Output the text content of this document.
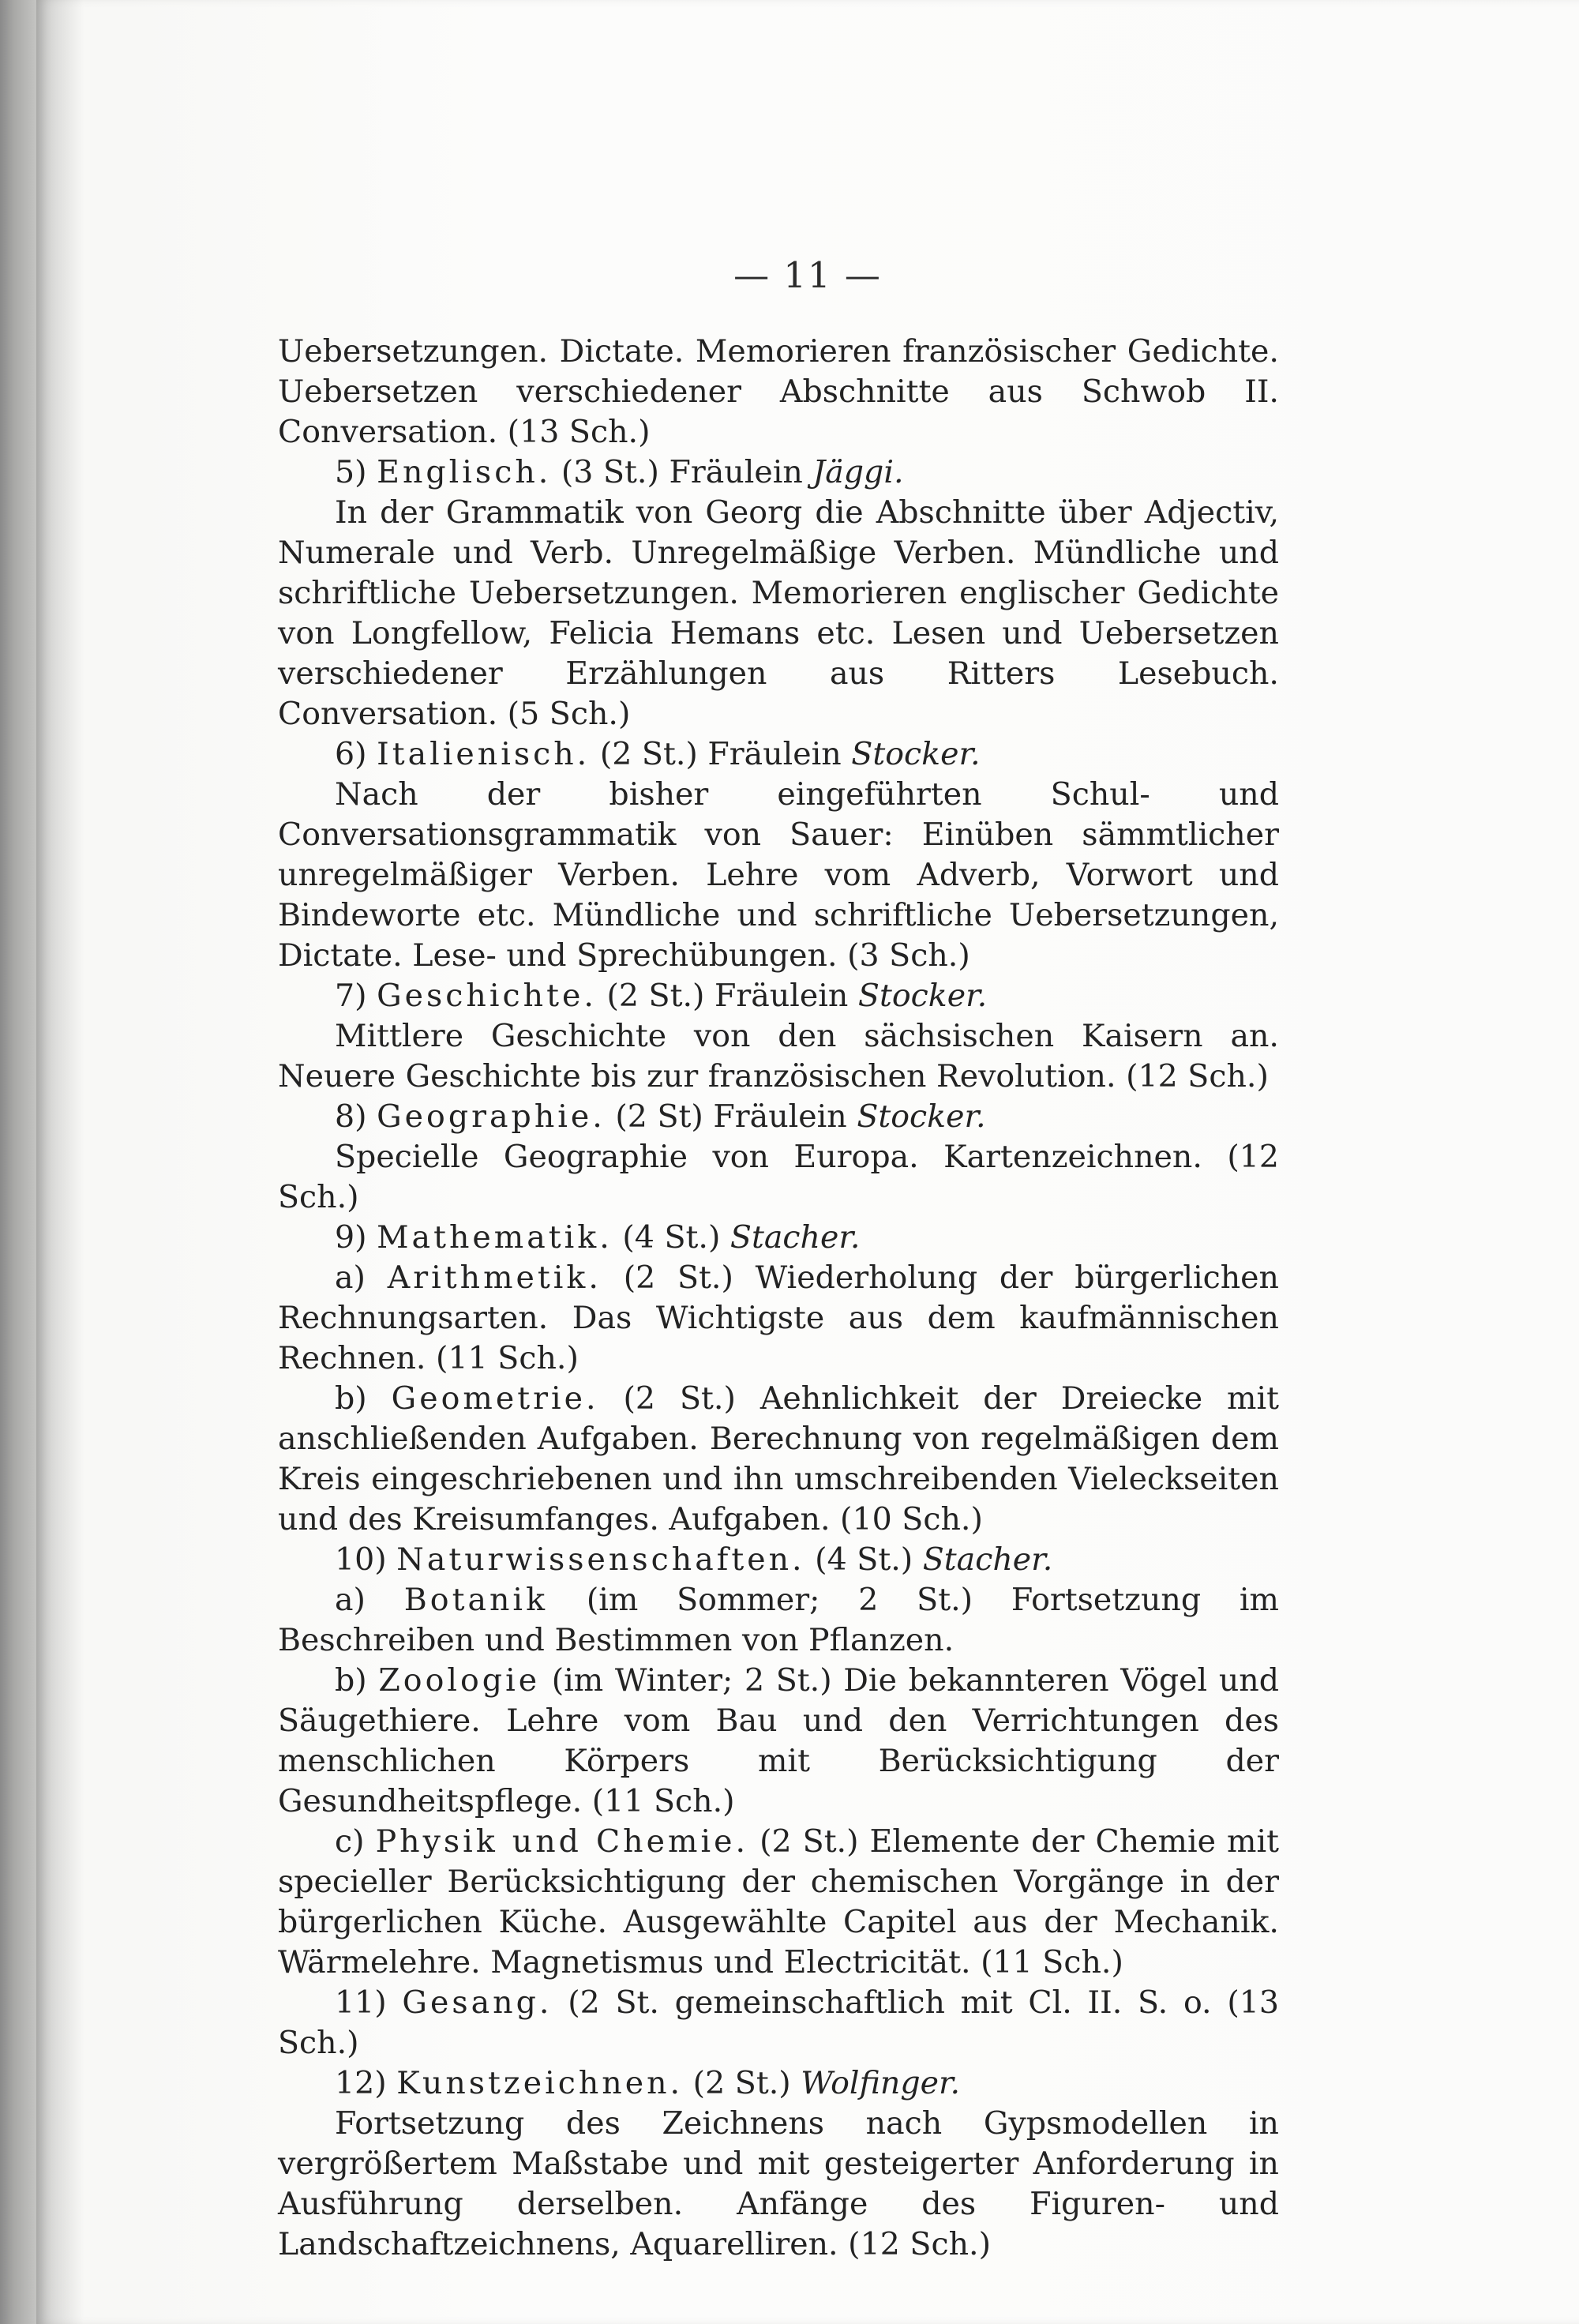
— 11 —

Uebersetzungen. Dictate. Memorieren französischer Gedichte. Uebersetzen verschiedener Abschnitte aus Schwob II. Conversation. (13 Sch.)

5) Englisch. (3 St.) Fräulein Jäggi.

In der Grammatik von Georg die Abschnitte über Adjectiv, Numerale und Verb. Unregelmäßige Verben. Mündliche und schriftliche Uebersetzungen. Memorieren englischer Gedichte von Longfellow, Felicia Hemans etc. Lesen und Uebersetzen verschiedener Erzählungen aus Ritters Lesebuch. Conversation. (5 Sch.)

6) Italienisch. (2 St.) Fräulein Stocker.

Nach der bisher eingeführten Schul- und Conversationsgrammatik von Sauer: Einüben sämmtlicher unregelmäßiger Verben. Lehre vom Adverb, Vorwort und Bindeworte etc. Mündliche und schriftliche Uebersetzungen, Dictate. Lese- und Sprechübungen. (3 Sch.)

7) Geschichte. (2 St.) Fräulein Stocker.

Mittlere Geschichte von den sächsischen Kaisern an. Neuere Geschichte bis zur französischen Revolution. (12 Sch.)

8) Geographie. (2 St) Fräulein Stocker.

Specielle Geographie von Europa. Kartenzeichnen. (12 Sch.)

9) Mathematik. (4 St.) Stacher.

a) Arithmetik. (2 St.) Wiederholung der bürgerlichen Rechnungsarten. Das Wichtigste aus dem kaufmännischen Rechnen. (11 Sch.)

b) Geometrie. (2 St.) Aehnlichkeit der Dreiecke mit anschließenden Aufgaben. Berechnung von regelmäßigen dem Kreis eingeschriebenen und ihn umschreibenden Vieleckseiten und des Kreisumfanges. Aufgaben. (10 Sch.)

10) Naturwissenschaften. (4 St.) Stacher.

a) Botanik (im Sommer; 2 St.) Fortsetzung im Beschreiben und Bestimmen von Pflanzen.

b) Zoologie (im Winter; 2 St.) Die bekannteren Vögel und Säugethiere. Lehre vom Bau und den Verrichtungen des menschlichen Körpers mit Berücksichtigung der Gesundheitspflege. (11 Sch.)

c) Physik und Chemie. (2 St.) Elemente der Chemie mit specieller Berücksichtigung der chemischen Vorgänge in der bürgerlichen Küche. Ausgewählte Capitel aus der Mechanik. Wärmelehre. Magnetismus und Electricität. (11 Sch.)

11) Gesang. (2 St. gemeinschaftlich mit Cl. II. S. o. (13 Sch.)

12) Kunstzeichnen. (2 St.) Wolfinger.

Fortsetzung des Zeichnens nach Gypsmodellen in vergrößertem Maßstabe und mit gesteigerter Anforderung in Ausführung derselben. Anfänge des Figuren- und Landschaftzeichnens, Aquarelliren. (12 Sch.)
